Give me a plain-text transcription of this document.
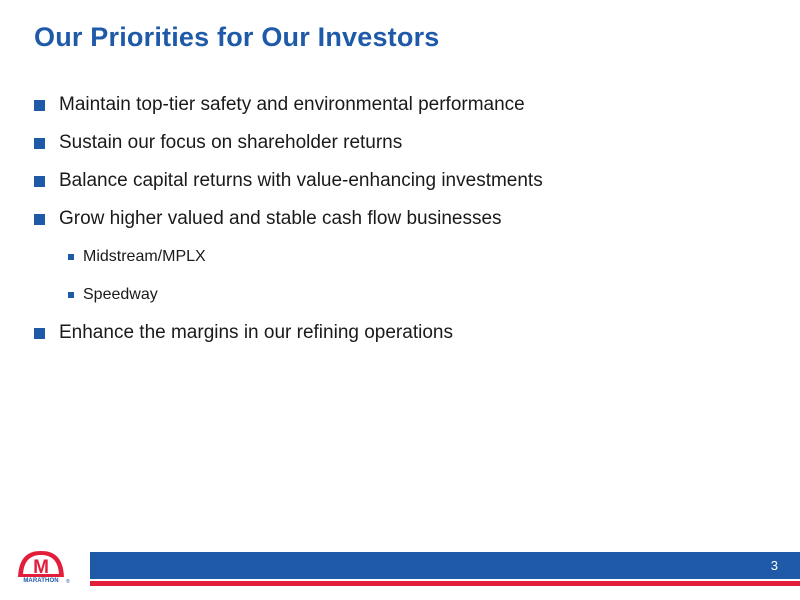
Our Priorities for Our Investors
Maintain top-tier safety and environmental performance
Sustain our focus on shareholder returns
Balance capital returns with value-enhancing investments
Grow higher valued and stable cash flow businesses
Midstream/MPLX
Speedway
Enhance the margins in our refining operations
M
MARATHON	®
3
